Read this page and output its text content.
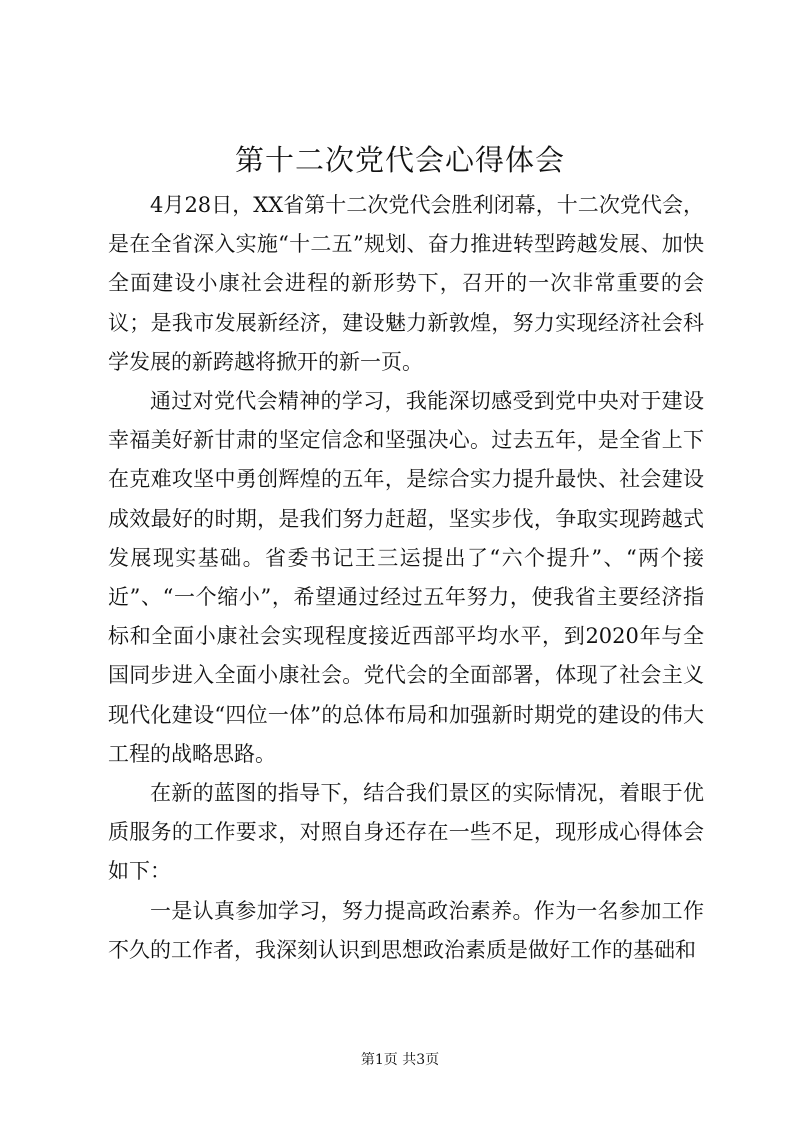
第十二次党代会心得体会

4月28日，XX省第十二次党代会胜利闭幕，十二次党代会，是在全省深入实施“十二五”规划、奋力推进转型跨越发展、加快全面建设小康社会进程的新形势下，召开的一次非常重要的会议；是我市发展新经济，建设魅力新敦煌，努力实现经济社会科学发展的新跨越将掀开的新一页。

通过对党代会精神的学习，我能深切感受到党中央对于建设幸福美好新甘肃的坚定信念和坚强决心。过去五年，是全省上下在克难攻坚中勇创辉煌的五年，是综合实力提升最快、社会建设成效最好的时期，是我们努力赶超，坚实步伐，争取实现跨越式发展现实基础。省委书记王三运提出了“六个提升”、“两个接近”、“一个缩小”，希望通过经过五年努力，使我省主要经济指标和全面小康社会实现程度接近西部平均水平，到2020年与全国同步进入全面小康社会。党代会的全面部署，体现了社会主义现代化建设“四位一体”的总体布局和加强新时期党的建设的伟大工程的战略思路。

在新的蓝图的指导下，结合我们景区的实际情况，着眼于优质服务的工作要求，对照自身还存在一些不足，现形成心得体会如下：

一是认真参加学习，努力提高政治素养。作为一名参加工作不久的工作者，我深刻认识到思想政治素质是做好工作的基础和

第1页 共3页
